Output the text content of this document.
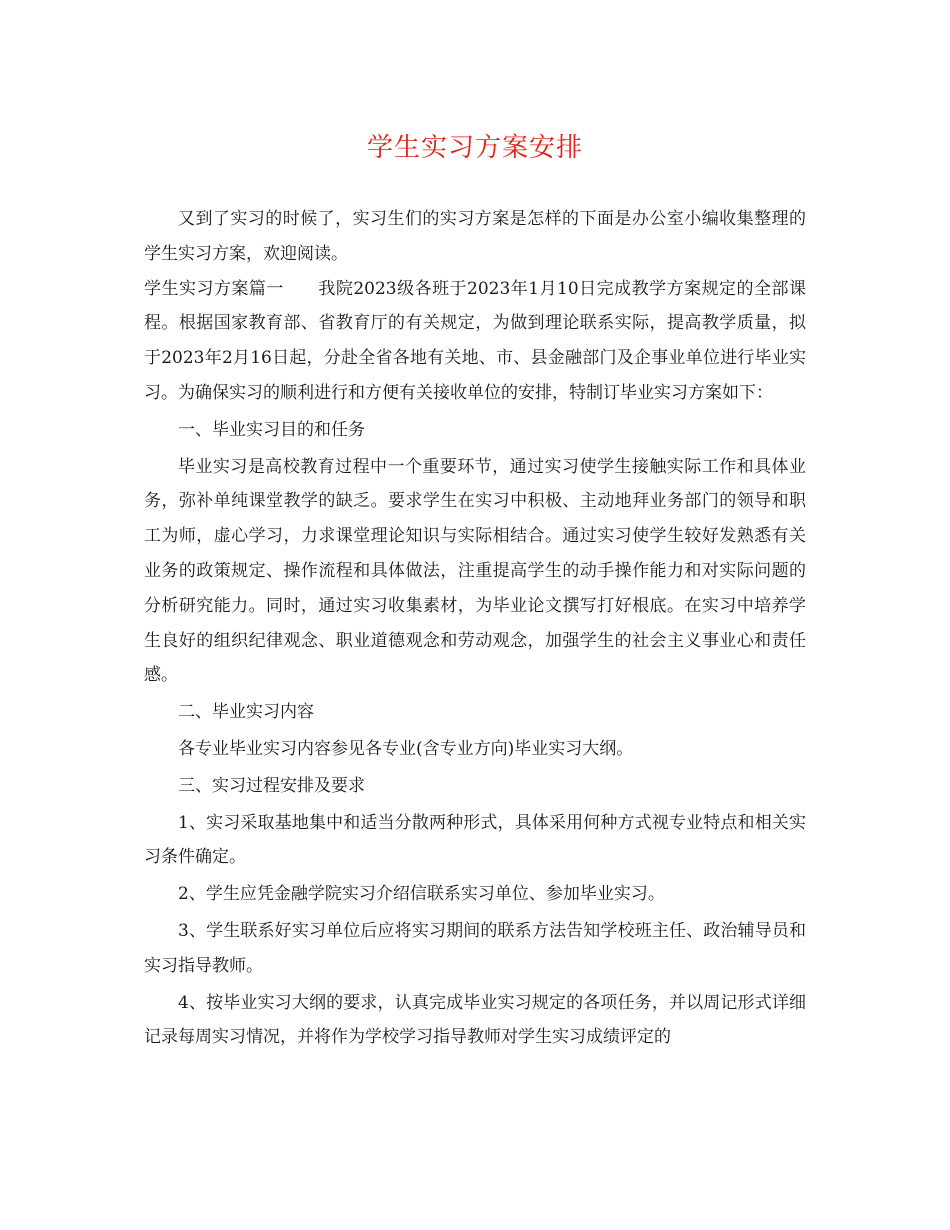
学生实习方案安排

又到了实习的时候了，实习生们的实习方案是怎样的下面是办公室小编收集整理的学生实习方案，欢迎阅读。

学生实习方案篇一 我院2023级各班于2023年1月10日完成教学方案规定的全部课程。根据国家教育部、省教育厅的有关规定，为做到理论联系实际，提高教学质量，拟于2023年2月16日起，分赴全省各地有关地、市、县金融部门及企事业单位进行毕业实习。为确保实习的顺利进行和方便有关接收单位的安排，特制订毕业实习方案如下：

一、毕业实习目的和任务

毕业实习是高校教育过程中一个重要环节，通过实习使学生接触实际工作和具体业务，弥补单纯课堂教学的缺乏。要求学生在实习中积极、主动地拜业务部门的领导和职工为师，虚心学习，力求课堂理论知识与实际相结合。通过实习使学生较好发熟悉有关业务的政策规定、操作流程和具体做法，注重提高学生的动手操作能力和对实际问题的分析研究能力。同时，通过实习收集素材，为毕业论文撰写打好根底。在实习中培养学生良好的组织纪律观念、职业道德观念和劳动观念，加强学生的社会主义事业心和责任感。

二、毕业实习内容

各专业毕业实习内容参见各专业(含专业方向)毕业实习大纲。

三、实习过程安排及要求

1、实习采取基地集中和适当分散两种形式，具体采用何种方式视专业特点和相关实习条件确定。

2、学生应凭金融学院实习介绍信联系实习单位、参加毕业实习。

3、学生联系好实习单位后应将实习期间的联系方法告知学校班主任、政治辅导员和实习指导教师。

4、按毕业实习大纲的要求，认真完成毕业实习规定的各项任务，并以周记形式详细记录每周实习情况，并将作为学校学习指导教师对学生实习成绩评定的
